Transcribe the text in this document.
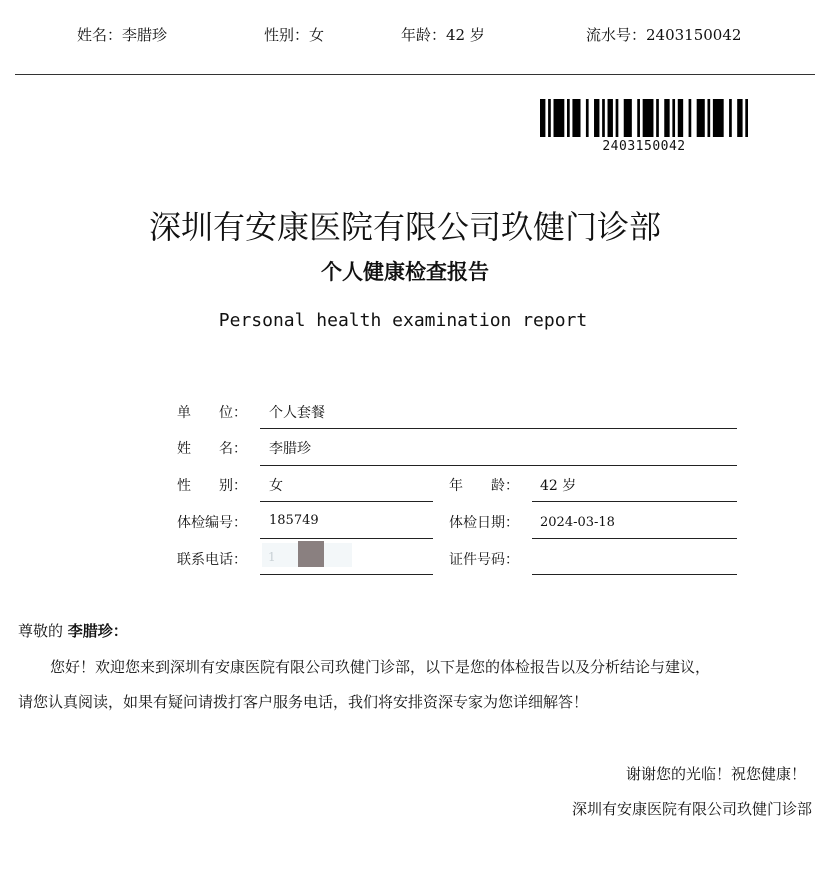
姓名：李腊珍	性别：女	年龄：42 岁	流水号：2403150042
2403150042
深圳有安康医院有限公司玖健门诊部
个人健康检查报告
Personal health examination report
单　　位： 个人套餐
姓　　名： 李腊珍
性　　别： 女	年　　龄： 42 岁
体检编号： 185749	体检日期： 2024-03-18
联系电话： 1	证件号码：
尊敬的 李腊珍：
您好！欢迎您来到深圳有安康医院有限公司玖健门诊部，以下是您的体检报告以及分析结论与建议，
请您认真阅读，如果有疑问请拨打客户服务电话，我们将安排资深专家为您详细解答！
谢谢您的光临！祝您健康！
深圳有安康医院有限公司玖健门诊部
